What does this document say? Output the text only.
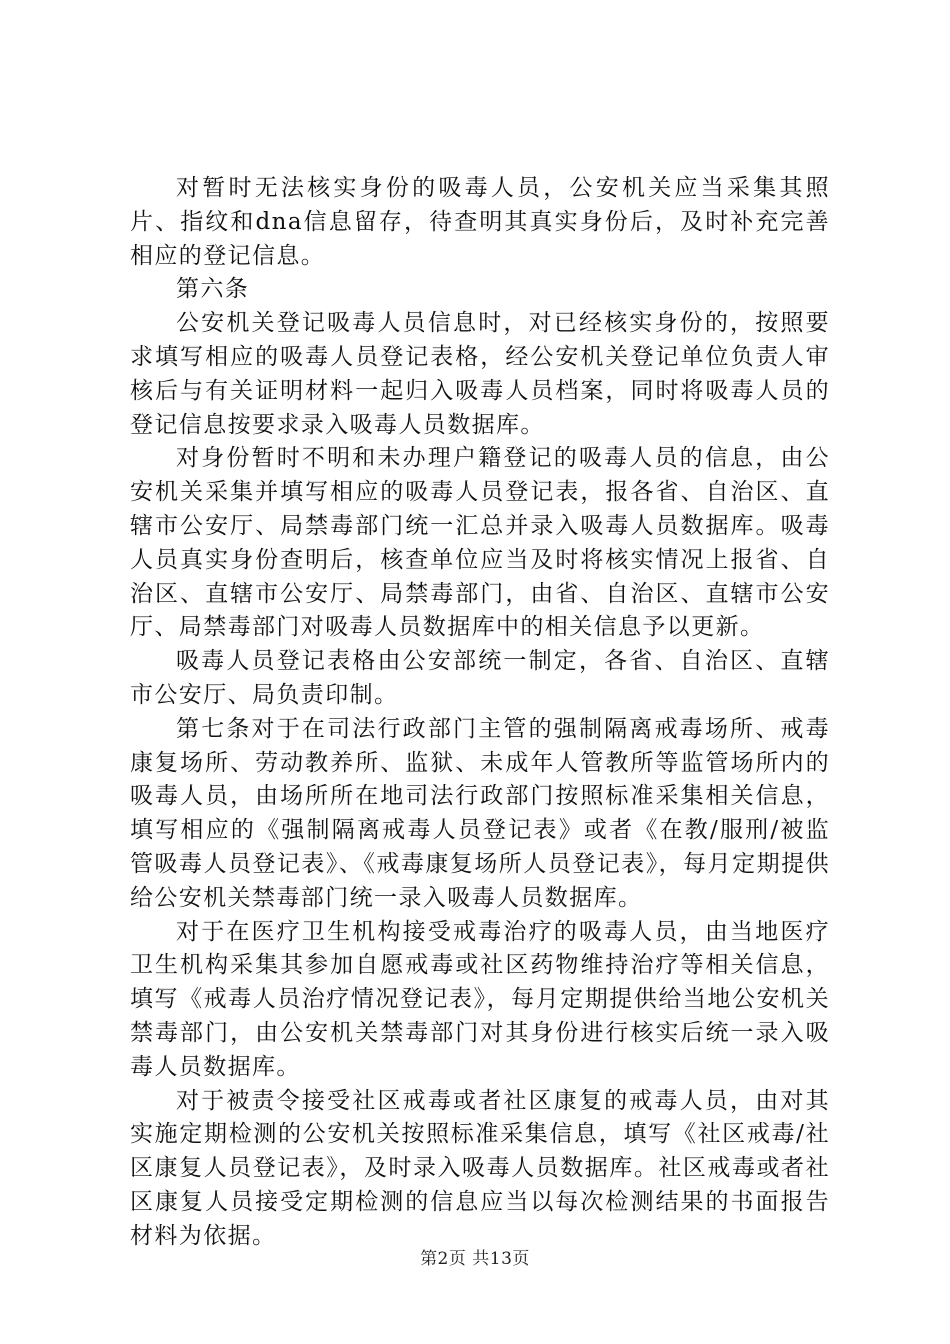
对暂时无法核实身份的吸毒人员，公安机关应当采集其照片、指纹和dna信息留存，待查明其真实身份后，及时补充完善相应的登记信息。

第六条

公安机关登记吸毒人员信息时，对已经核实身份的，按照要求填写相应的吸毒人员登记表格，经公安机关登记单位负责人审核后与有关证明材料一起归入吸毒人员档案，同时将吸毒人员的登记信息按要求录入吸毒人员数据库。

对身份暂时不明和未办理户籍登记的吸毒人员的信息，由公安机关采集并填写相应的吸毒人员登记表，报各省、自治区、直辖市公安厅、局禁毒部门统一汇总并录入吸毒人员数据库。吸毒人员真实身份查明后，核查单位应当及时将核实情况上报省、自治区、直辖市公安厅、局禁毒部门，由省、自治区、直辖市公安厅、局禁毒部门对吸毒人员数据库中的相关信息予以更新。

吸毒人员登记表格由公安部统一制定，各省、自治区、直辖市公安厅、局负责印制。

第七条对于在司法行政部门主管的强制隔离戒毒场所、戒毒康复场所、劳动教养所、监狱、未成年人管教所等监管场所内的吸毒人员，由场所所在地司法行政部门按照标准采集相关信息，填写相应的《强制隔离戒毒人员登记表》或者《在教/服刑/被监管吸毒人员登记表》、《戒毒康复场所人员登记表》，每月定期提供给公安机关禁毒部门统一录入吸毒人员数据库。

对于在医疗卫生机构接受戒毒治疗的吸毒人员，由当地医疗卫生机构采集其参加自愿戒毒或社区药物维持治疗等相关信息，填写《戒毒人员治疗情况登记表》，每月定期提供给当地公安机关禁毒部门，由公安机关禁毒部门对其身份进行核实后统一录入吸毒人员数据库。

对于被责令接受社区戒毒或者社区康复的戒毒人员，由对其实施定期检测的公安机关按照标准采集信息，填写《社区戒毒/社区康复人员登记表》，及时录入吸毒人员数据库。社区戒毒或者社区康复人员接受定期检测的信息应当以每次检测结果的书面报告材料为依据。

第2页 共13页
